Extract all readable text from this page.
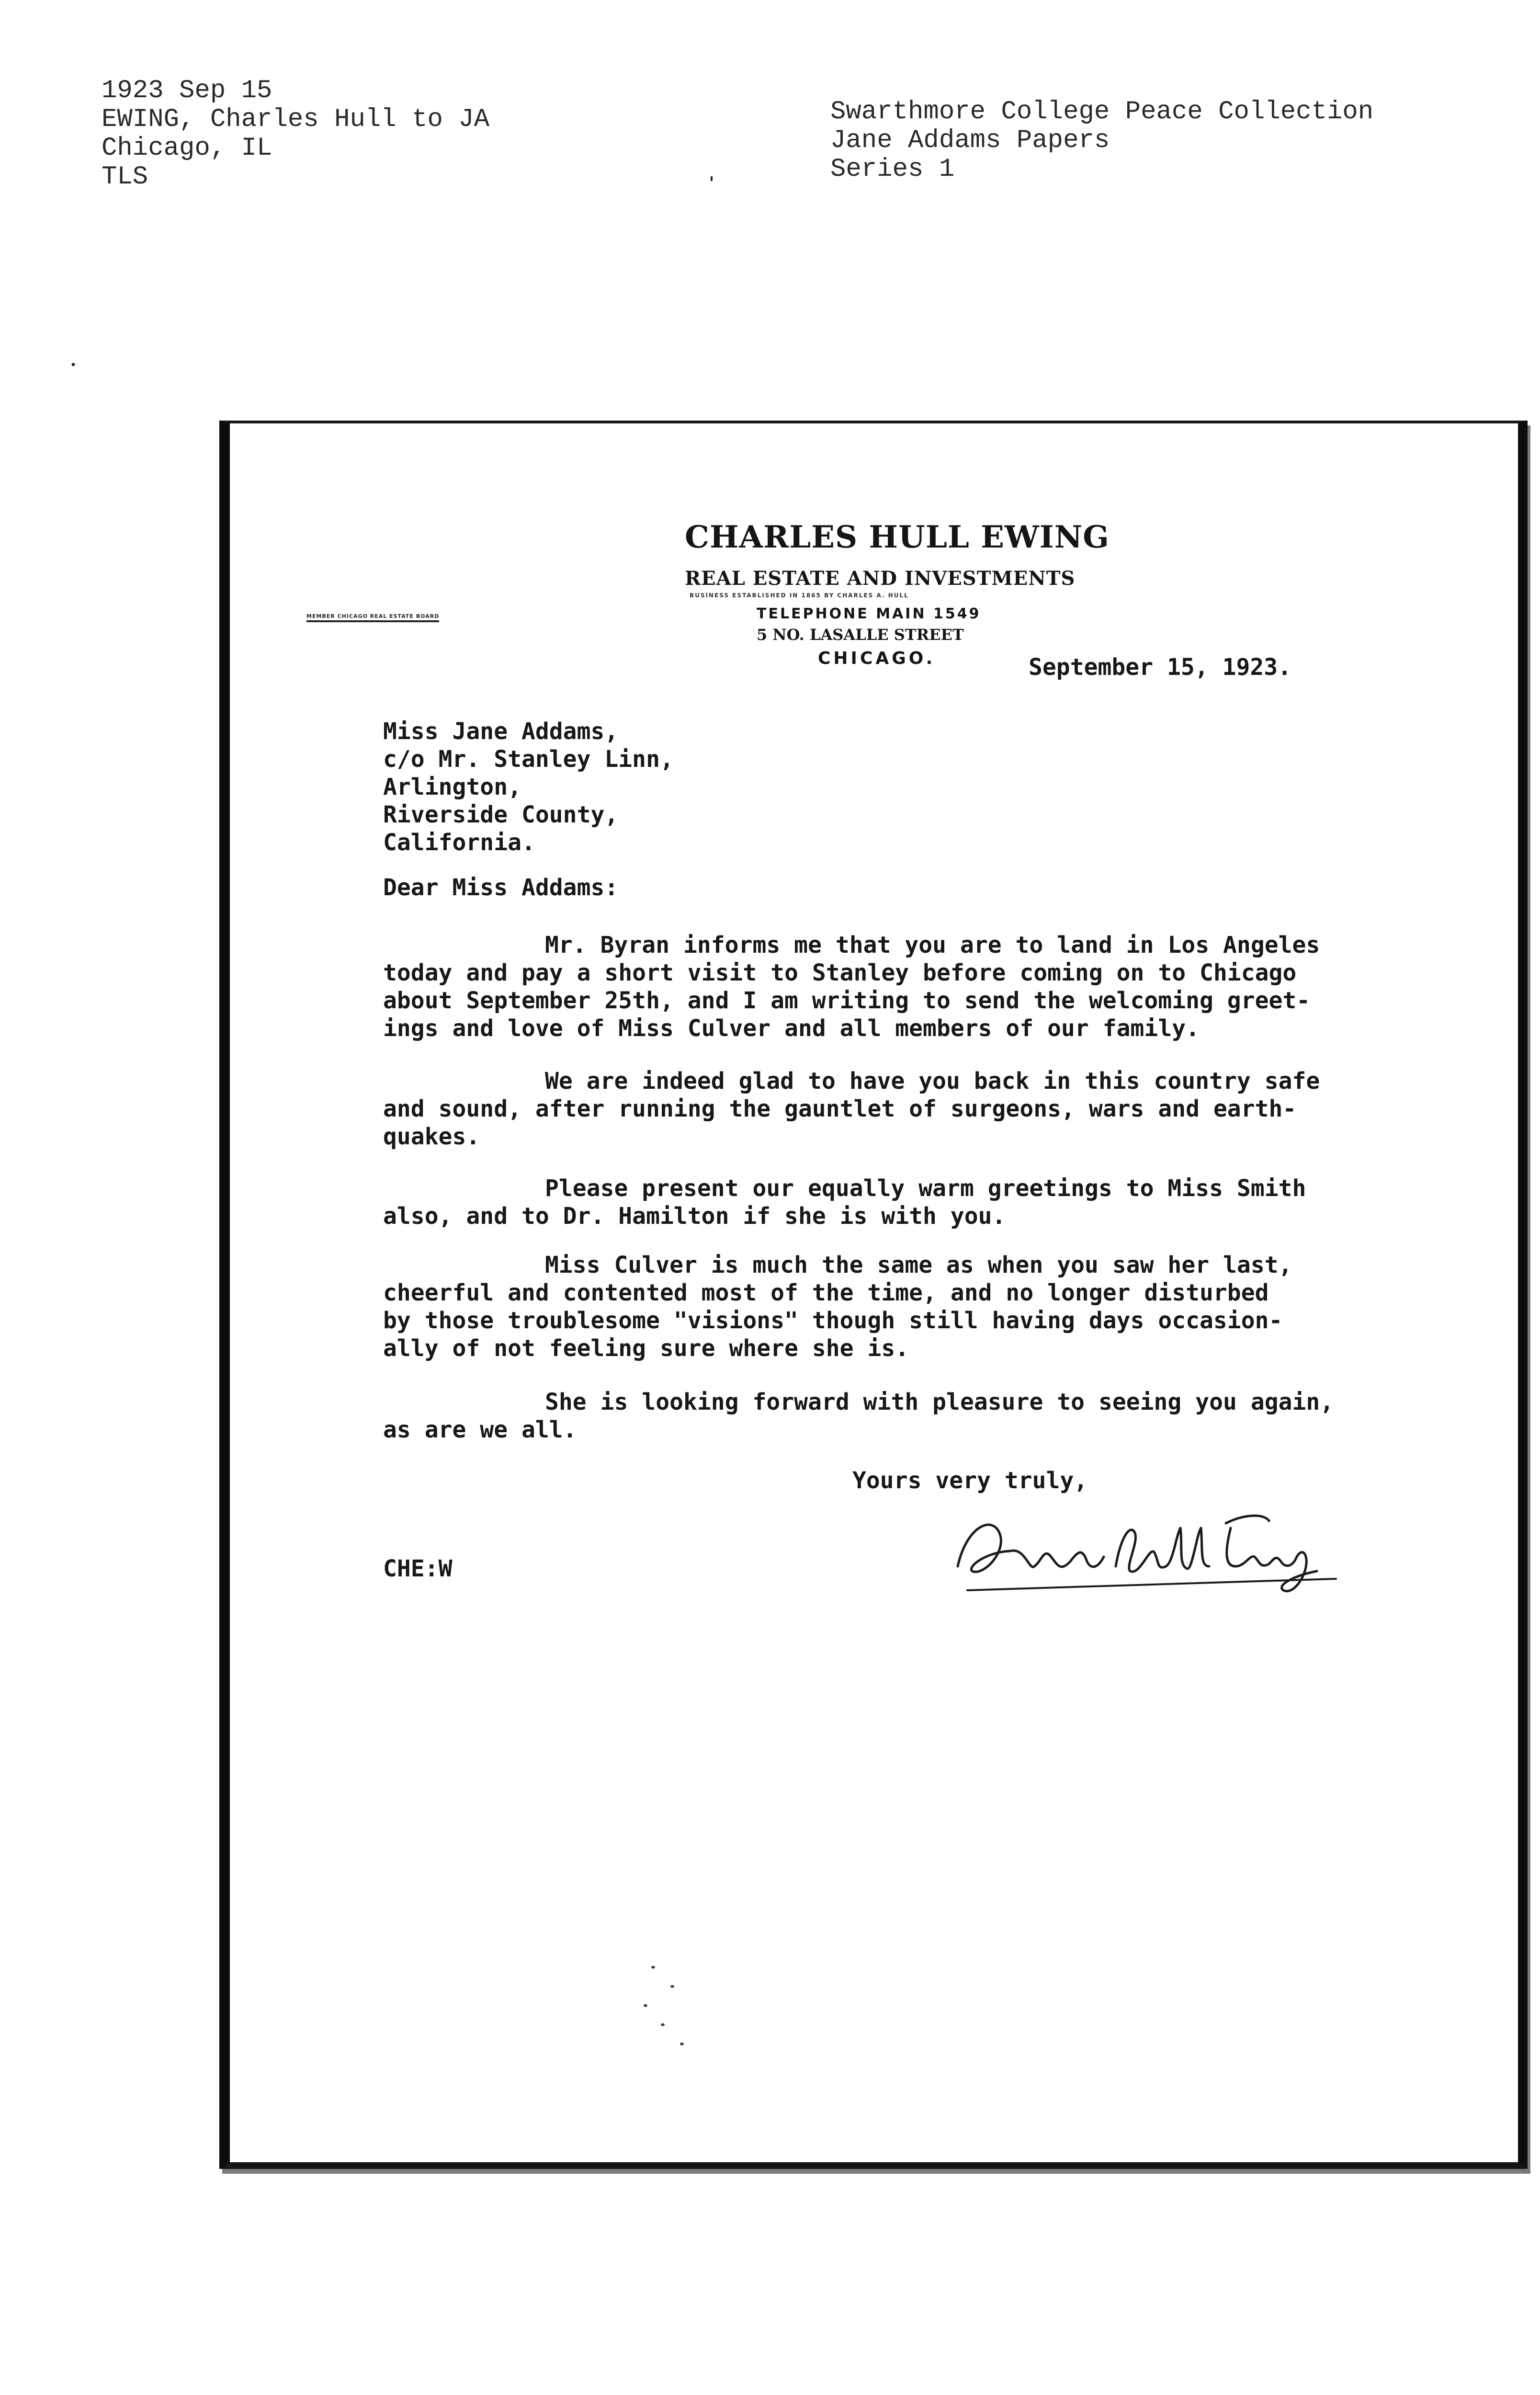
1923 Sep 15
EWING, Charles Hull to JA
Chicago, IL
TLS
Swarthmore College Peace Collection
Jane Addams Papers
Series 1
CHARLES HULL EWING
REAL ESTATE AND INVESTMENTS
BUSINESS ESTABLISHED IN 1865 BY CHARLES A. HULL
TELEPHONE MAIN 1549
5 NO. LASALLE STREET
CHICAGO.
MEMBER CHICAGO REAL ESTATE BOARD
September 15, 1923.
Miss Jane Addams,
c/o Mr. Stanley Linn,
Arlington,
Riverside County,
California.
Dear Miss Addams:
Mr. Byran informs me that you are to land in Los Angeles
today and pay a short visit to Stanley before coming on to Chicago
about September 25th, and I am writing to send the welcoming greet-
ings and love of Miss Culver and all members of our family.
We are indeed glad to have you back in this country safe
and sound, after running the gauntlet of surgeons, wars and earth-
quakes.
Please present our equally warm greetings to Miss Smith
also, and to Dr. Hamilton if she is with you.
Miss Culver is much the same as when you saw her last,
cheerful and contented most of the time, and no longer disturbed
by those troublesome "visions" though still having days occasion-
ally of not feeling sure where she is.
She is looking forward with pleasure to seeing you again,
as are we all.
Yours very truly,
CHE:W
